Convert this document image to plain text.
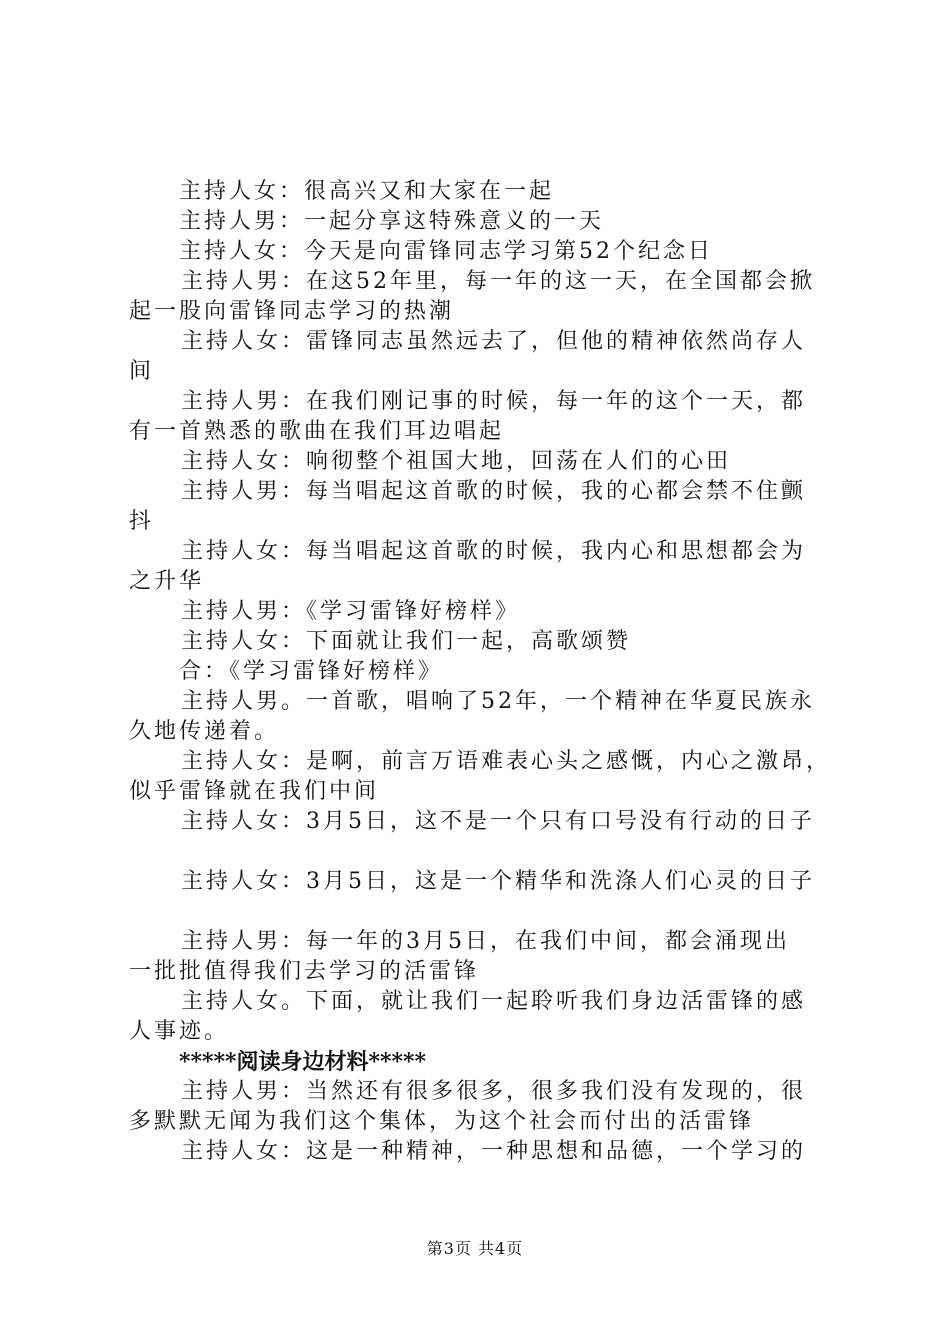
主持人女：很高兴又和大家在一起
主持人男：一起分享这特殊意义的一天
主持人女：今天是向雷锋同志学习第52个纪念日
主持人男：在这52年里，每一年的这一天，在全国都会掀
起一股向雷锋同志学习的热潮
主持人女：雷锋同志虽然远去了，但他的精神依然尚存人
间
主持人男：在我们刚记事的时候，每一年的这个一天，都
有一首熟悉的歌曲在我们耳边唱起
主持人女：响彻整个祖国大地，回荡在人们的心田
主持人男：每当唱起这首歌的时候，我的心都会禁不住颤
抖
主持人女：每当唱起这首歌的时候，我内心和思想都会为
之升华
主持人男：《学习雷锋好榜样》
主持人女：下面就让我们一起，高歌颂赞
合：《学习雷锋好榜样》
主持人男。一首歌，唱响了52年，一个精神在华夏民族永
久地传递着。
主持人女：是啊，前言万语难表心头之感慨，内心之激昂，
似乎雷锋就在我们中间
主持人女：3月5日，这不是一个只有口号没有行动的日子
主持人女：3月5日，这是一个精华和洗涤人们心灵的日子
主持人男：每一年的3月5日，在我们中间，都会涌现出
一批批值得我们去学习的活雷锋
主持人女。下面，就让我们一起聆听我们身边活雷锋的感
人事迹。
*****阅读身边材料*****
主持人男：当然还有很多很多，很多我们没有发现的，很
多默默无闻为我们这个集体，为这个社会而付出的活雷锋
主持人女：这是一种精神，一种思想和品德，一个学习的
第3页 共4页
